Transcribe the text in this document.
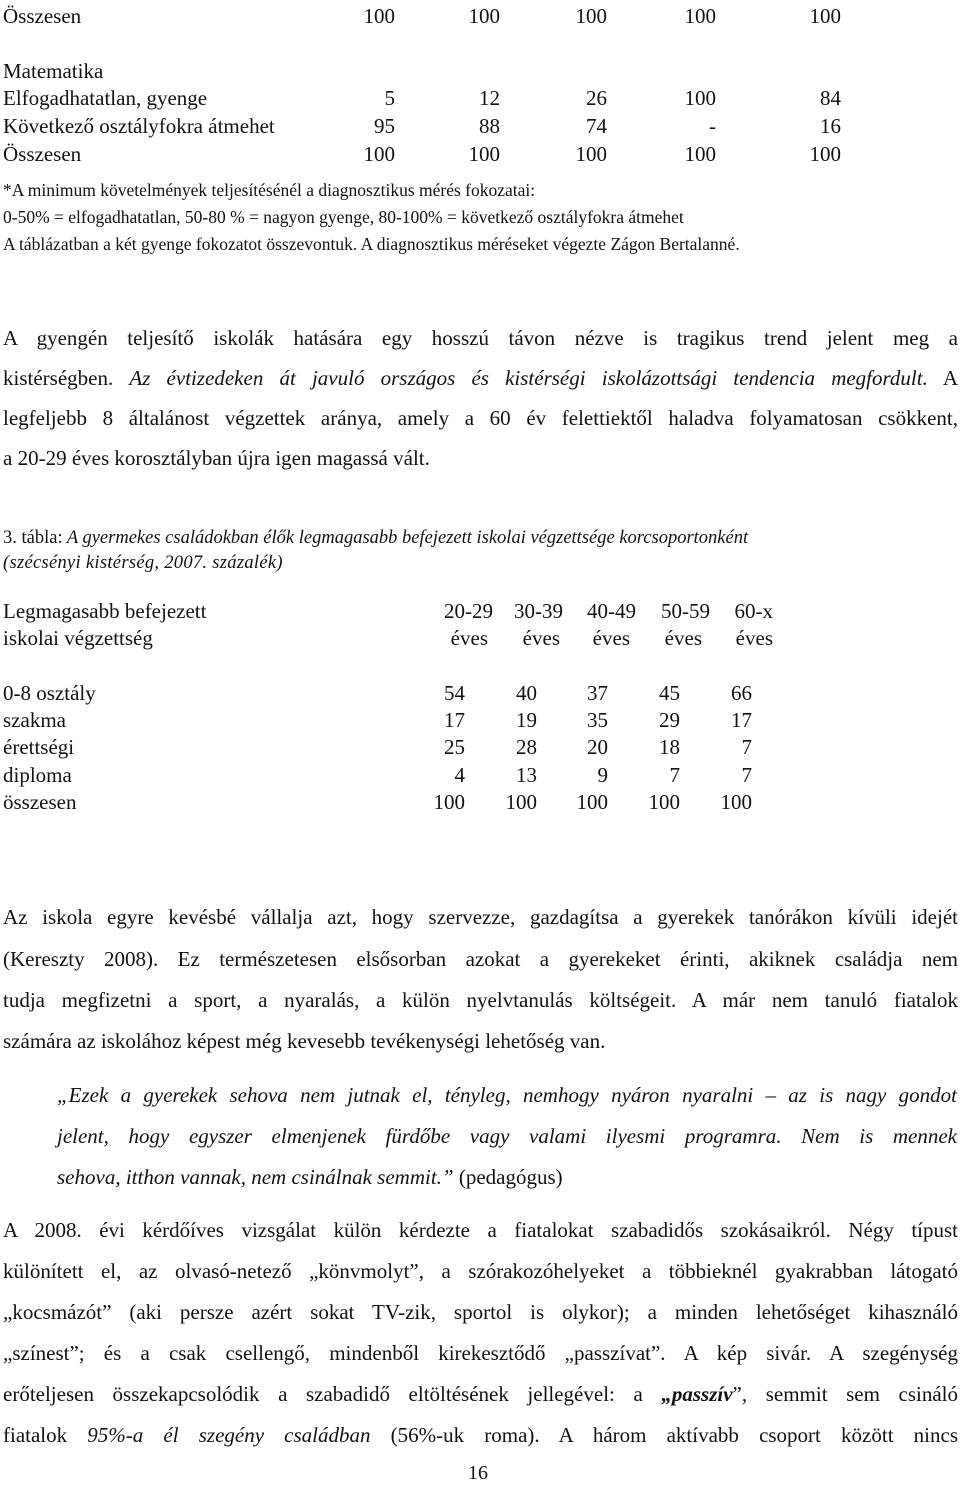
Összesen	100	100	100	100	100
Matematika
Elfogadhatatlan, gyenge	5	12	26	100	84
Következő osztályfokra átmehet	95	88	74	-	16
Összesen	100	100	100	100	100
*A minimum követelmények teljesítésénél a diagnosztikus mérés fokozatai:
0-50% = elfogadhatatlan, 50-80 % = nagyon gyenge, 80-100% = következő osztályfokra átmehet
A táblázatban a két gyenge fokozatot összevontuk. A diagnosztikus méréseket végezte Zágon Bertalanné.
A gyengén teljesítő iskolák hatására egy hosszú távon nézve is tragikus trend jelent meg a
kistérségben. Az évtizedeken át javuló országos és kistérségi iskolázottsági tendencia megfordult. A
legfeljebb 8 általánost végzettek aránya, amely a 60 év felettiektől haladva folyamatosan csökkent,
a 20-29 éves korosztályban újra igen magassá vált.
3. tábla: A gyermekes családokban élők legmagasabb befejezett iskolai végzettsége korcsoportonként
(szécsényi kistérség, 2007. százalék)
Legmagasabb befejezett
iskolai végzettség
20-29	30-39	40-49	50-59	60-x
éves	éves	éves	éves	éves
0-8 osztály	54	40	37	45	66
szakma	17	19	35	29	17
érettségi	25	28	20	18	7
diploma	4	13	9	7	7
összesen	100	100	100	100	100
Az iskola egyre kevésbé vállalja azt, hogy szervezze, gazdagítsa a gyerekek tanórákon kívüli idejét
(Kereszty 2008). Ez természetesen elsősorban azokat a gyerekeket érinti, akiknek családja nem
tudja megfizetni a sport, a nyaralás, a külön nyelvtanulás költségeit. A már nem tanuló fiatalok
számára az iskolához képest még kevesebb tevékenységi lehetőség van.
„Ezek a gyerekek sehova nem jutnak el, tényleg, nemhogy nyáron nyaralni – az is nagy gondot
jelent, hogy egyszer elmenjenek fürdőbe vagy valami ilyesmi programra. Nem is mennek
sehova, itthon vannak, nem csinálnak semmit.” (pedagógus)
A 2008. évi kérdőíves vizsgálat külön kérdezte a fiatalokat szabadidős szokásaikról. Négy típust
különített el, az olvasó-netező „könvmolyt”, a szórakozóhelyeket a többieknél gyakrabban látogató
„kocsmázót” (aki persze azért sokat TV-zik, sportol is olykor); a minden lehetőséget kihasználó
„színest”; és a csak csellengő, mindenből kirekesztődő „passzívat”. A kép sivár. A szegénység
erőteljesen összekapcsolódik a szabadidő eltöltésének jellegével: a „passzív”, semmit sem csináló
fiatalok 95%-a él szegény családban (56%-uk roma). A három aktívabb csoport között nincs
16
